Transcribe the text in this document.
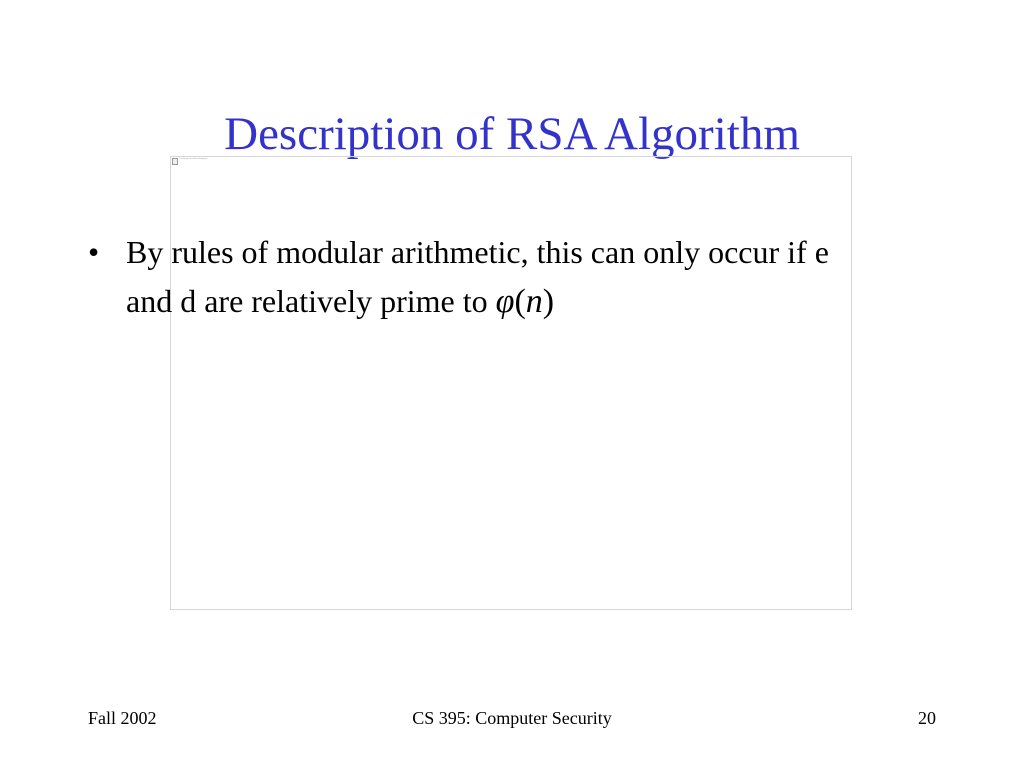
Description of RSA Algorithm
The image cannot be displayed.
• By rules of modular arithmetic, this can only occur if e and d are relatively prime to φ(n)
Fall 2002	CS 395: Computer Security	20
